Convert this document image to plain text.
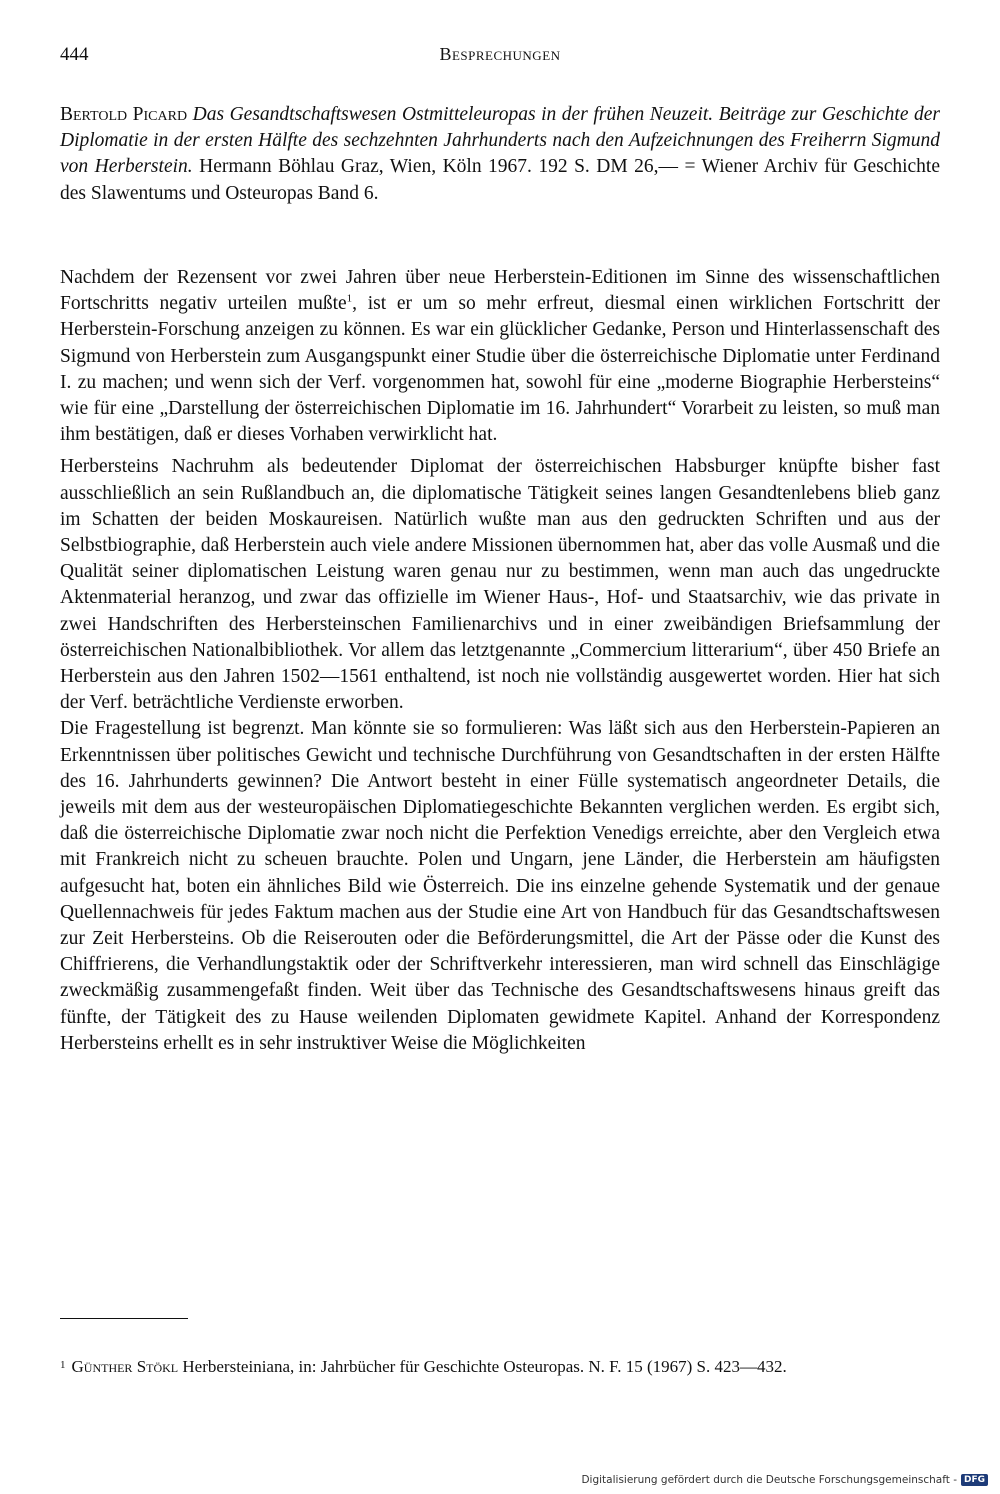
444	Besprechungen
Bertold Picard Das Gesandtschaftswesen Ostmitteleuropas in der frühen Neuzeit. Beiträge zur Geschichte der Diplomatie in der ersten Hälfte des sechzehnten Jahrhunderts nach den Aufzeichnungen des Freiherrn Sigmund von Herberstein. Hermann Böhlau Graz, Wien, Köln 1967. 192 S. DM 26,— = Wiener Archiv für Geschichte des Slawentums und Osteuropas Band 6.

Nachdem der Rezensent vor zwei Jahren über neue Herberstein-Editionen im Sinne des wissenschaftlichen Fortschritts negativ urteilen mußte$^1$, ist er um so mehr erfreut, diesmal einen wirklichen Fortschritt der Herberstein-Forschung anzeigen zu können. Es war ein glücklicher Gedanke, Person und Hinterlassenschaft des Sigmund von Herberstein zum Ausgangspunkt einer Studie über die österreichische Diplomatie unter Ferdinand I. zu machen; und wenn sich der Verf. vorgenommen hat, sowohl für eine „moderne Biographie Herbersteins“ wie für eine „Darstellung der österreichischen Diplomatie im 16. Jahrhundert“ Vorarbeit zu leisten, so muß man ihm bestätigen, daß er dieses Vorhaben verwirklicht hat.

Herbersteins Nachruhm als bedeutender Diplomat der österreichischen Habsburger knüpfte bisher fast ausschließlich an sein Rußlandbuch an, die diplomatische Tätigkeit seines langen Gesandtenlebens blieb ganz im Schatten der beiden Moskaureisen. Natürlich wußte man aus den gedruckten Schriften und aus der Selbstbiographie, daß Herberstein auch viele andere Missionen übernommen hat, aber das volle Ausmaß und die Qualität seiner diplomatischen Leistung waren genau nur zu bestimmen, wenn man auch das ungedruckte Aktenmaterial heranzog, und zwar das offizielle im Wiener Haus-, Hof- und Staatsarchiv, wie das private in zwei Handschriften des Herbersteinschen Familienarchivs und in einer zweibändigen Briefsammlung der österreichischen Nationalbibliothek. Vor allem das letztgenannte „Commercium litterarium“, über 450 Briefe an Herberstein aus den Jahren 1502—1561 enthaltend, ist noch nie vollständig ausgewertet worden. Hier hat sich der Verf. beträchtliche Verdienste erworben.

Die Fragestellung ist begrenzt. Man könnte sie so formulieren: Was läßt sich aus den Herberstein-Papieren an Erkenntnissen über politisches Gewicht und technische Durchführung von Gesandtschaften in der ersten Hälfte des 16. Jahrhunderts gewinnen? Die Antwort besteht in einer Fülle systematisch angeordneter Details, die jeweils mit dem aus der westeuropäischen Diplomatiegeschichte Bekannten verglichen werden. Es ergibt sich, daß die österreichische Diplomatie zwar noch nicht die Perfektion Venedigs erreichte, aber den Vergleich etwa mit Frankreich nicht zu scheuen brauchte. Polen und Ungarn, jene Länder, die Herberstein am häufigsten aufgesucht hat, boten ein ähnliches Bild wie Österreich. Die ins einzelne gehende Systematik und der genaue Quellennachweis für jedes Faktum machen aus der Studie eine Art von Handbuch für das Gesandtschaftswesen zur Zeit Herbersteins. Ob die Reiserouten oder die Beförderungsmittel, die Art der Pässe oder die Kunst des Chiffrierens, die Verhandlungstaktik oder der Schriftverkehr interessieren, man wird schnell das Einschlägige zweckmäßig zusammengefaßt finden. Weit über das Technische des Gesandtschaftswesens hinaus greift das fünfte, der Tätigkeit des zu Hause weilenden Diplomaten gewidmete Kapitel. Anhand der Korrespondenz Herbersteins erhellt es in sehr instruktiver Weise die Möglichkeiten

$^1$ Günther Stökl Herbersteiniana, in: Jahrbücher für Geschichte Osteuropas. N. F. 15 (1967) S. 423—432.
Digitalisierung gefördert durch die Deutsche Forschungsgemeinschaft - DFG
